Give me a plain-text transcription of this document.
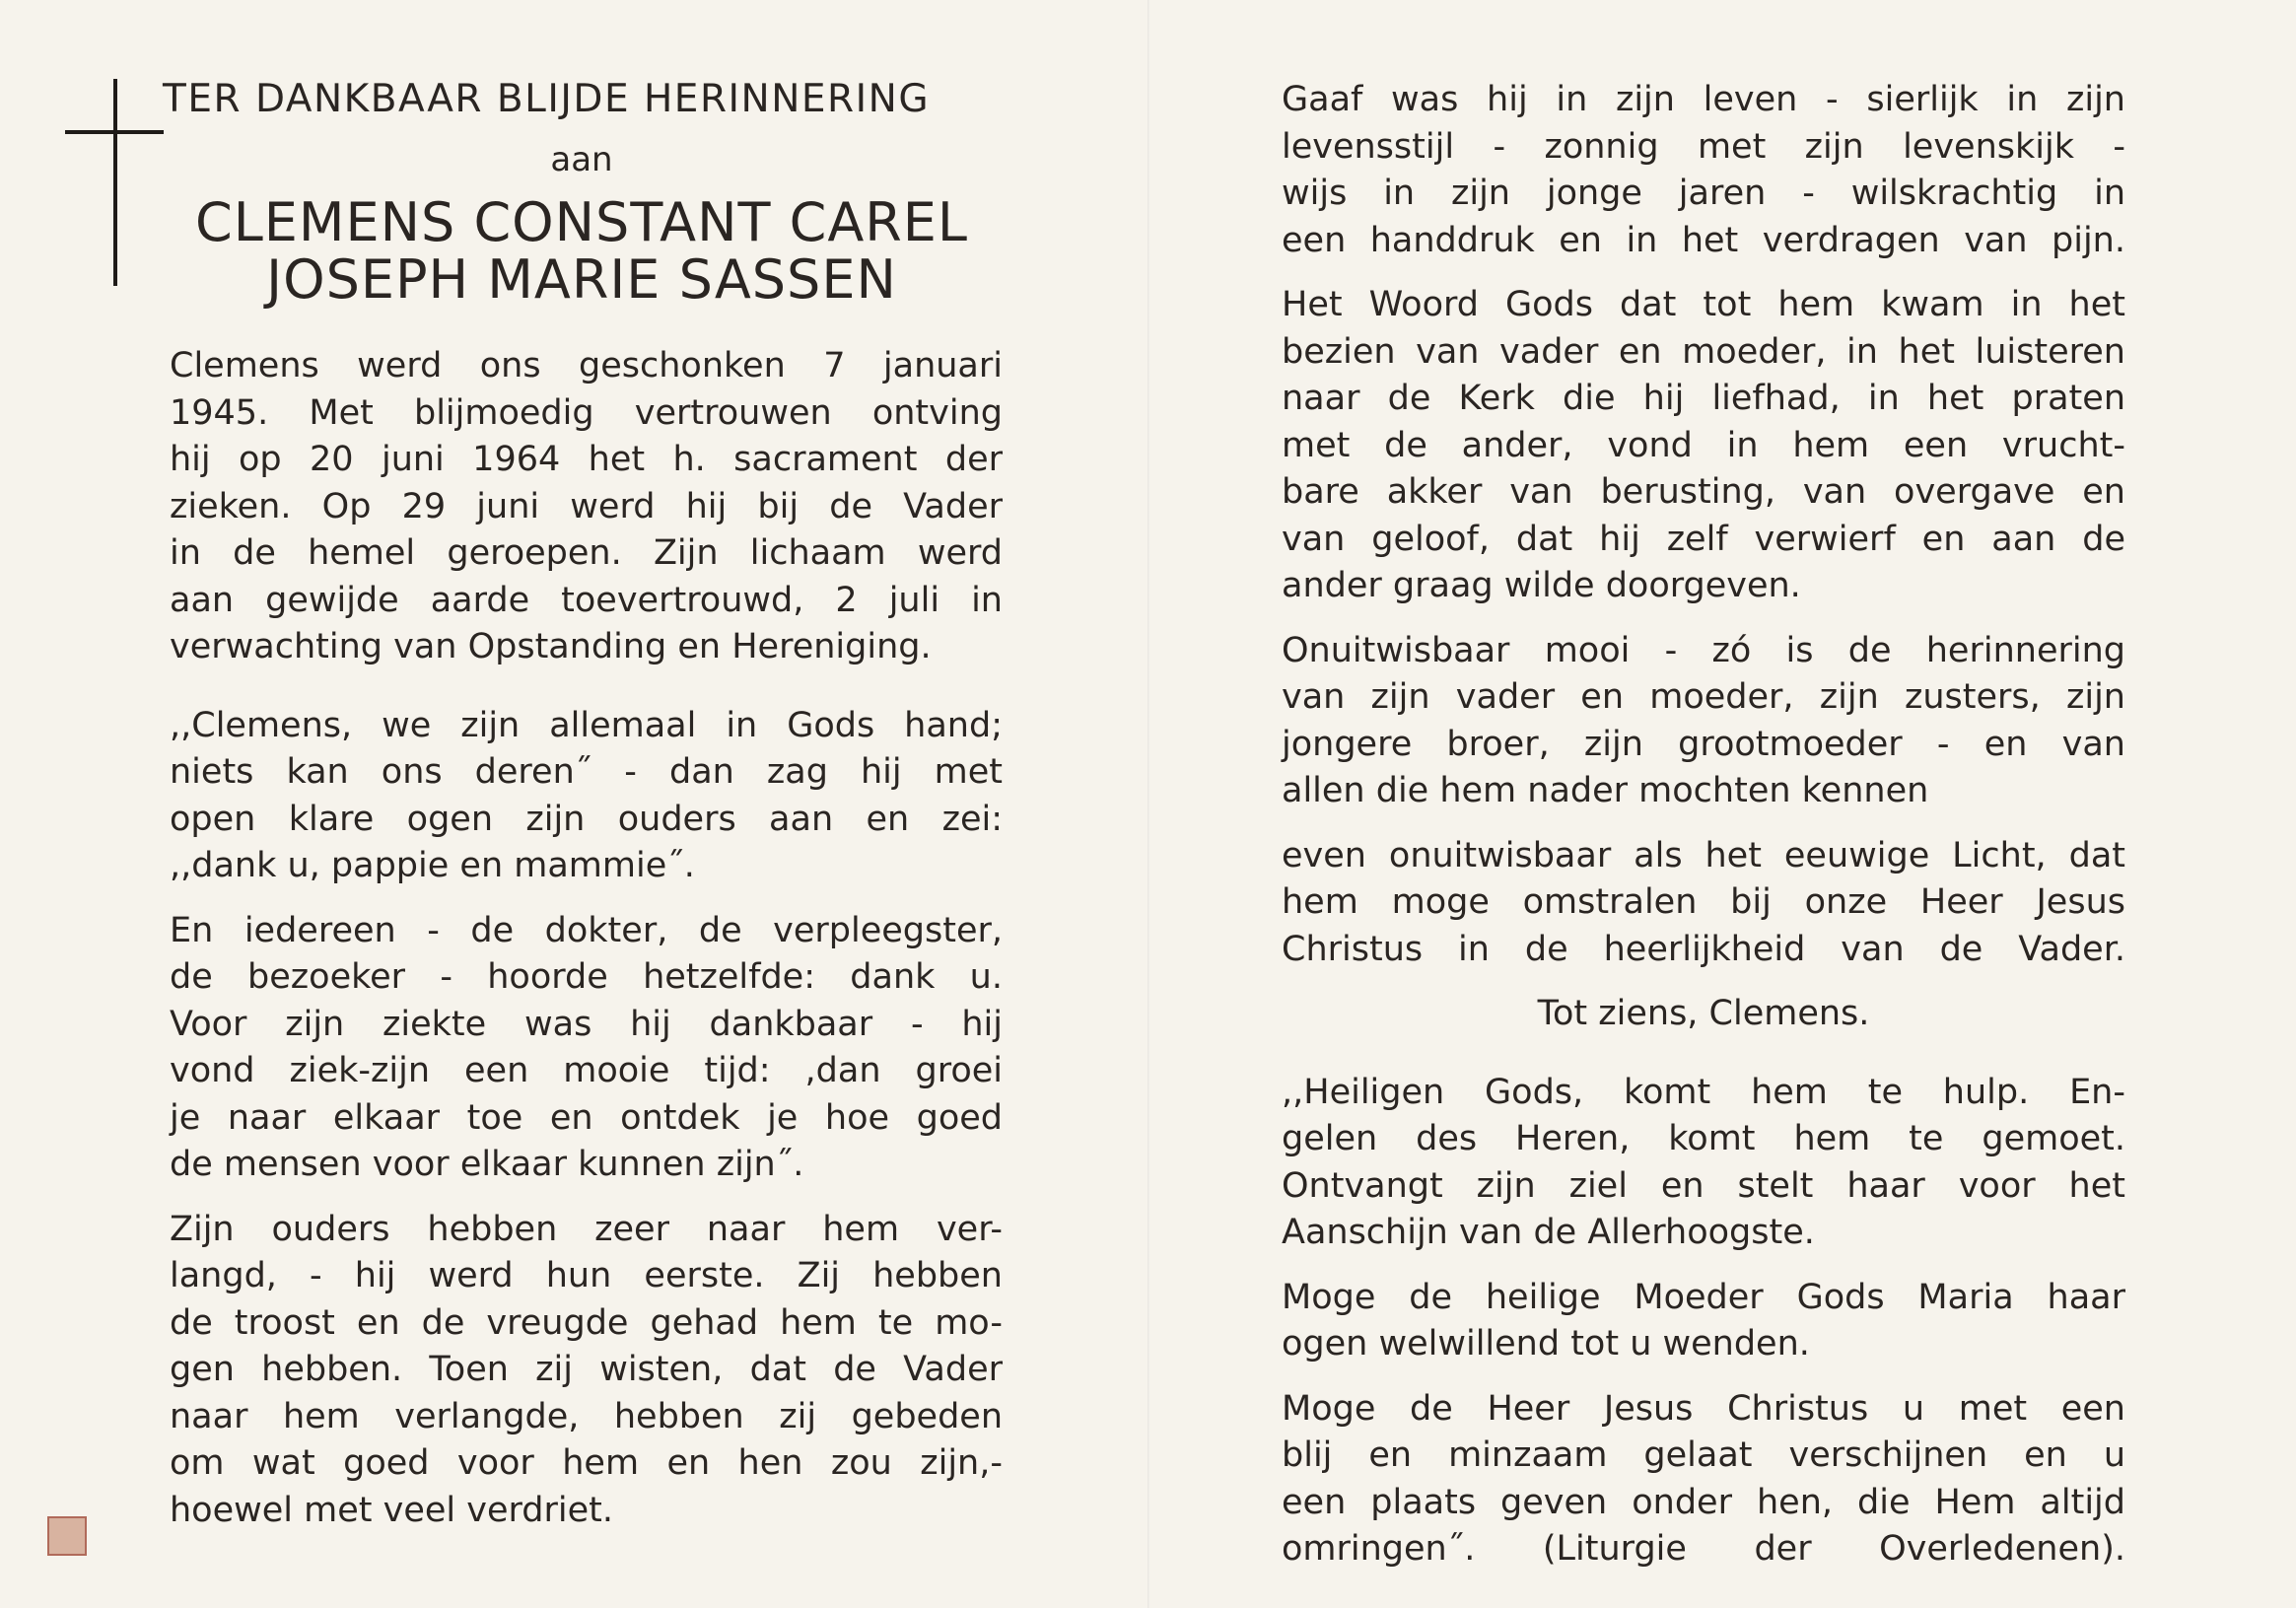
TER DANKBAAR BLIJDE HERINNERING
aan
CLEMENS CONSTANT CAREL
JOSEPH MARIE SASSEN
Clemens werd ons geschonken 7 januari
1945. Met blijmoedig vertrouwen ontving
hij op 20 juni 1964 het h. sacrament der
zieken. Op 29 juni werd hij bij de Vader
in de hemel geroepen. Zijn lichaam werd
aan gewijde aarde toevertrouwd, 2 juli in
verwachting van Opstanding en Hereniging.
,,Clemens, we zijn allemaal in Gods hand;
niets kan ons deren˝ - dan zag hij met
open klare ogen zijn ouders aan en zei:
,,dank u, pappie en mammie˝.
En iedereen - de dokter, de verpleegster,
de bezoeker - hoorde hetzelfde: dank u.
Voor zijn ziekte was hij dankbaar - hij
vond ziek-zijn een mooie tijd: ,dan groei
je naar elkaar toe en ontdek je hoe goed
de mensen voor elkaar kunnen zijn˝.
Zijn ouders hebben zeer naar hem ver-
langd, - hij werd hun eerste. Zij hebben
de troost en de vreugde gehad hem te mo-
gen hebben. Toen zij wisten, dat de Vader
naar hem verlangde, hebben zij gebeden
om wat goed voor hem en hen zou zijn,-
hoewel met veel verdriet.
Gaaf was hij in zijn leven - sierlijk in zijn
levensstijl - zonnig met zijn levenskijk -
wijs in zijn jonge jaren - wilskrachtig in
een handdruk en in het verdragen van pijn.
Het Woord Gods dat tot hem kwam in het
bezien van vader en moeder, in het luisteren
naar de Kerk die hij liefhad, in het praten
met de ander, vond in hem een vrucht-
bare akker van berusting, van overgave en
van geloof, dat hij zelf verwierf en aan de
ander graag wilde doorgeven.
Onuitwisbaar mooi - zó is de herinnering
van zijn vader en moeder, zijn zusters, zijn
jongere broer, zijn grootmoeder - en van
allen die hem nader mochten kennen
even onuitwisbaar als het eeuwige Licht, dat
hem moge omstralen bij onze Heer Jesus
Christus in de heerlijkheid van de Vader.
Tot ziens, Clemens.
,,Heiligen Gods, komt hem te hulp. En-
gelen des Heren, komt hem te gemoet.
Ontvangt zijn ziel en stelt haar voor het
Aanschijn van de Allerhoogste.
Moge de heilige Moeder Gods Maria haar
ogen welwillend tot u wenden.
Moge de Heer Jesus Christus u met een
blij en minzaam gelaat verschijnen en u
een plaats geven onder hen, die Hem altijd
omringen˝. (Liturgie der Overledenen).
